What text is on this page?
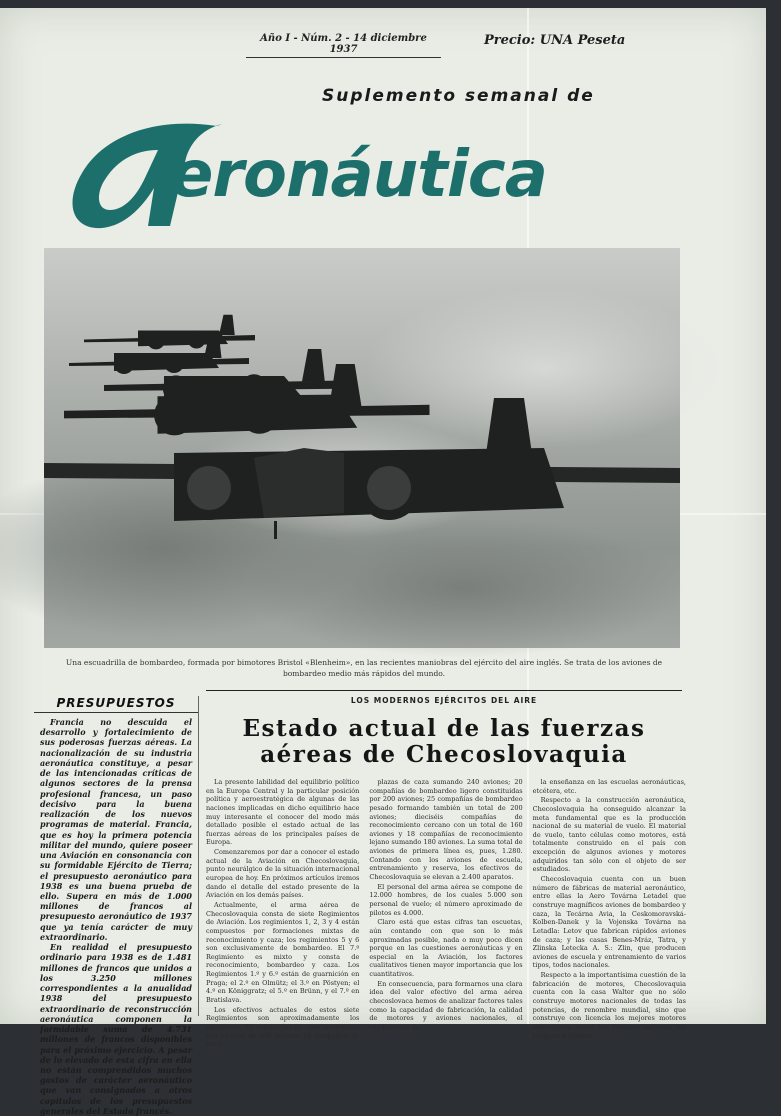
Año I - Núm. 2 - 14 diciembre 1937
Precio: UNA Peseta
Suplemento semanal de
eronáutica
Una escuadrilla de bombardeo, formada por bimotores Bristol «Blenheim», en las recientes maniobras del ejército del aire inglés. Se trata de los aviones de bombardeo medio más rápidos del mundo.
PRESUPUESTOS

Francia no descuida el desarrollo y fortalecimiento de sus poderosas fuerzas aéreas. La nacionalización de su industria aeronáutica constituye, a pesar de las intencionadas críticas de algunos sectores de la prensa profesional francesa, un paso decisivo para la buena realización de los nuevos programas de material. Francia, que es hoy la primera potencia militar del mundo, quiere poseer una Aviación en consonancia con su formidable Ejército de Tierra; el presupuesto aeronáutico para 1938 es una buena prueba de ello. Supera en más de 1.000 millones de francos al presupuesto aeronáutico de 1937 que ya tenía carácter de muy extraordinario.

En realidad el presupuesto ordinario para 1938 es de 1.481 millones de francos que unidos a los 3.250 millones correspondientes a la anualidad 1938 del presupuesto extraordinario de reconstrucción aeronáutica componen la formidable suma de 4.731 millones de francos disponibles para el próximo ejercicio. A pesar de lo elevado de esta cifra en ella no están comprendidos muchos gastos de carácter aeronáutico que van consignados a otros capítulos de los presupuestos generales del Estado francés.

LOS MODERNOS EJÉRCITOS DEL AIRE
Estado actual de las fuerzas
aéreas de Checoslovaquia

La presente labilidad del equilibrio político en la Europa Central y la particular posición política y aeroestratégica de algunas de las naciones implicadas en dicho equilibrio hace muy interesante el conocer del modo más detallado posible el estado actual de las fuerzas aéreas de los principales países de Europa.

Comenzaremos por dar a conocer el estado actual de la Aviación en Checoslovaquia, punto neurálgico de la situación internacional europea de hoy. En próximos artículos iremos dando el detalle del estado presente de la Aviación en los demás países.

Actualmente, el arma aérea de Checoslovaquia consta de siete Regimientos de Aviación. Los regimientos 1, 2, 3 y 4 están compuestos por formaciones mixtas de reconocimiento y caza; los regimientos 5 y 6 son exclusivamente de bombardeo. El 7.º Regimiento es mixto y consta de reconocimiento, bombardeo y caza. Los Regimientos 1.º y 6.º están de guarnición en Praga; el 2.º en Olmütz; el 3.º en Pöstyen; el 4.º en Königgratz; el 5.º en Brünn, y el 7.º en Bratislava.

Los efectivos actuales de estos siete Regimientos son aproximadamente los siguientes: 25 compañías de caza monoplaza con un total de 300 aviones; 16 compañías de multi-

plazas de caza sumando 240 aviones; 20 compañías de bombardeo ligero constituidas por 200 aviones; 25 compañías de bombardeo pesado formando también un total de 200 aviones; dieciséis compañías de reconocimiento cercano con un total de 160 aviones y 18 compañías de reconocimiento lejano sumando 180 aviones. La suma total de aviones de primera línea es, pues, 1.280. Contando con los aviones de escuela, entrenamiento y reserva, los efectivos de Checoslovaquia se elevan a 2.400 aparatos.

El personal del arma aérea se compone de 12.000 hombres, de los cuales 5.000 son personal de vuelo; el número aproximado de pilotos es 4.000.

Claro está que estas cifras tan escuetas, aún contando con que son lo más aproximadas posible, nada o muy poco dicen porque en las cuestiones aeronáuticas y en especial en la Aviación, los factores cualitativos tienen mayor importancia que los cuantitativos.

En consecuencia, para formarnos una clara idea del valor efectivo del arma aérea checoslovaca hemos de analizar factores tales como la capacidad de fabricación, la calidad de motores y aviones nacionales, el rendimiento de

la enseñanza en las escuelas aeronáuticas, etcétera, etc.

Respecto a la construcción aeronáutica, Checoslovaquia ha conseguido alcanzar la meta fundamental que es la producción nacional de su material de vuelo. El material de vuelo, tanto células como motores, está totalmente construido en el país con excepción de algunos aviones y motores adquiridos tan sólo con el objeto de ser estudiados.

Checoslovaquia cuenta con un buen número de fábricas de material aeronáutico, entre ellas la Aero Továrna Letadel que construye magníficos aviones de bombardeo y caza, la Tecárna Avia, la Ceskomoravská-Kolben-Danek y la Vojenska Továrna na Letadla: Letov que fabrican rápidos aviones de caza; y las casas Benes-Mráz, Tatra, y Zlinska Letecka A. S.: Zlin, que producen aviones de escuela y entrenamiento de varios tipos, todos nacionales.

Respecto a la importantísima cuestión de la fabricación de motores, Checoslovaquia cuenta con la casa Walter que no sólo construye motores nacionales de todas las potencias, de renombre mundial, sino que construye con licencia los mejores motores extranjeros, como los Pegasus ingleses, los Hispano y Gnôme-
